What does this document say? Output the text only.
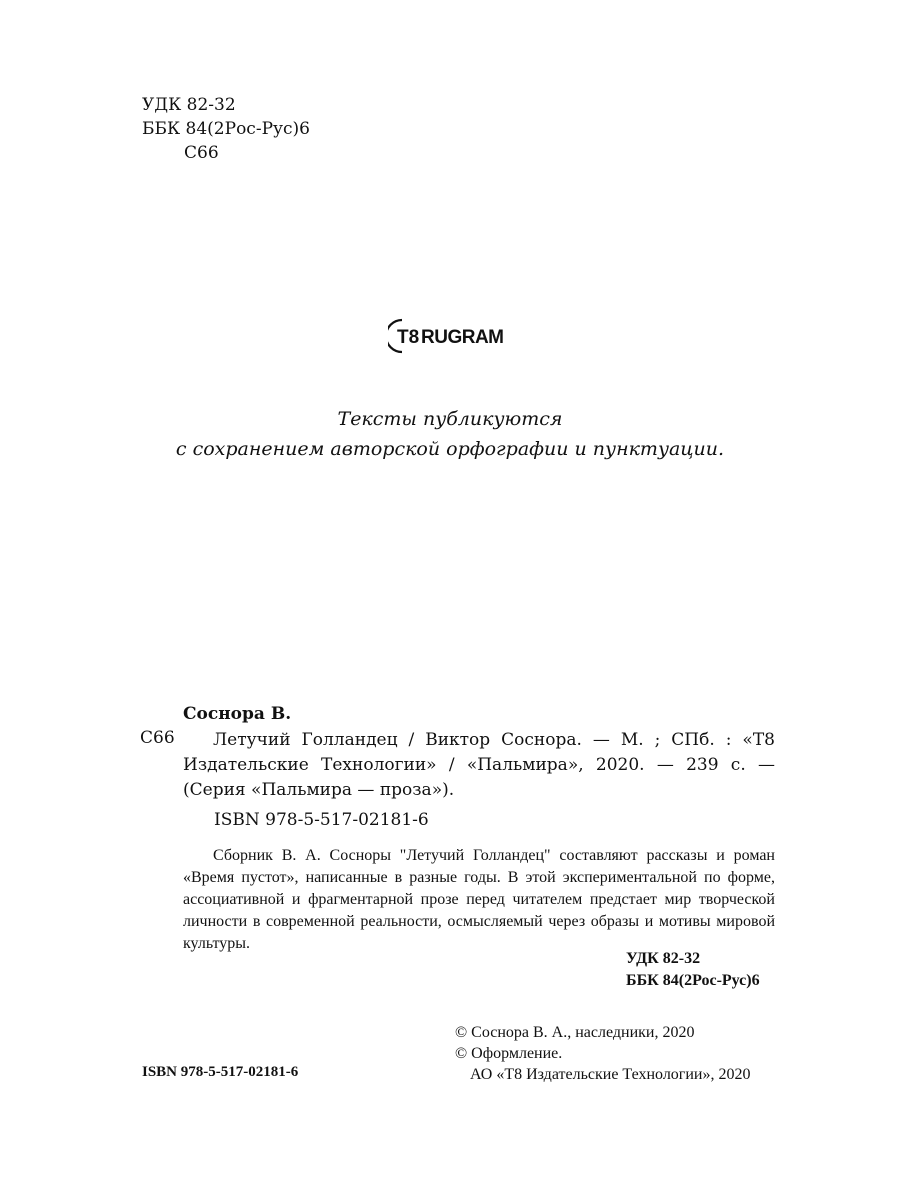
УДК 82-32
ББК 84(2Рос-Рус)6
С66
T8 RUGRAM
Тексты публикуются
с сохранением авторской орфографии и пунктуации.
Соснора В.
С66	Летучий Голландец / Виктор Соснора. — М. ; СПб. : «Т8 Издательские Технологии» / «Пальмира», 2020. — 239 с. — (Серия «Пальмира — проза»).
ISBN 978-5-517-02181-6
Сборник В. А. Сосноры "Летучий Голландец" составляют рассказы и роман «Время пустот», написанные в разные годы. В этой экспериментальной по форме, ассоциативной и фрагментарной прозе перед читателем предстает мир творческой личности в современной реальности, осмысляемый через образы и мотивы мировой культуры.
УДК 82-32
ББК 84(2Рос-Рус)6
© Соснора В. А., наследники, 2020
© Оформление.
АО «Т8 Издательские Технологии», 2020
ISBN 978-5-517-02181-6
